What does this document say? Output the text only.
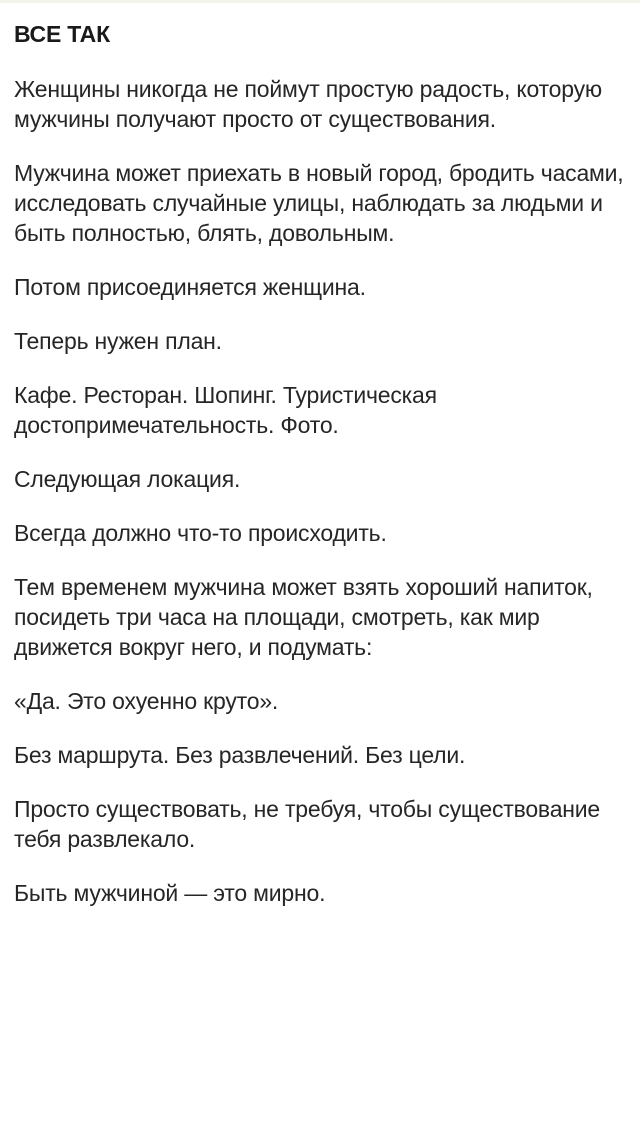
ВСЕ ТАК

Женщины никогда не поймут простую радость, которую мужчины получают просто от существования.

Мужчина может приехать в новый город, бродить часами, исследовать случайные улицы, наблюдать за людьми и быть полностью, блять, довольным.

Потом присоединяется женщина.

Теперь нужен план.

Кафе. Ресторан. Шопинг. Туристическая достопримечательность. Фото.

Следующая локация.

Всегда должно что-то происходить.

Тем временем мужчина может взять хороший напиток, посидеть три часа на площади, смотреть, как мир движется вокруг него, и подумать:

«Да. Это охуенно круто».

Без маршрута. Без развлечений. Без цели.

Просто существовать, не требуя, чтобы существование тебя развлекало.

Быть мужчиной — это мирно.
